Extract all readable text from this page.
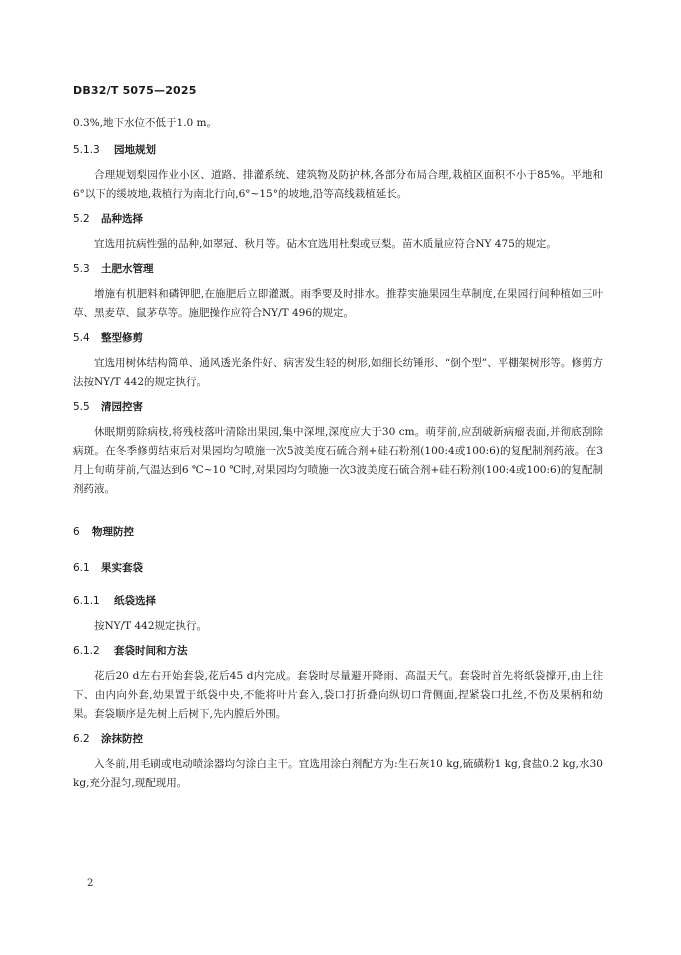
DB32/T 5075—2025

0.3%,地下水位不低于1.0 m。

5.1.3 园地规划

合理规划梨园作业小区、道路、排灌系统、建筑物及防护林,各部分布局合理,栽植区面积不小于85%。平地和6°以下的缓坡地,栽植行为南北行向,6°~15°的坡地,沿等高线栽植延长。

5.2 品种选择

宜选用抗病性强的品种,如翠冠、秋月等。砧木宜选用杜梨或豆梨。苗木质量应符合NY 475的规定。

5.3 土肥水管理

增施有机肥料和磷钾肥,在施肥后立即灌溉。雨季要及时排水。推荐实施果园生草制度,在果园行间种植如三叶草、黑麦草、鼠茅草等。施肥操作应符合NY/T 496的规定。

5.4 整型修剪

宜选用树体结构简单、通风透光条件好、病害发生轻的树形,如细长纺锤形、“倒个型”、平棚架树形等。修剪方法按NY/T 442的规定执行。

5.5 清园控害

休眠期剪除病枝,将残枝落叶清除出果园,集中深埋,深度应大于30 cm。萌芽前,应刮破新病瘤表面,并彻底刮除病斑。在冬季修剪结束后对果园均匀喷施一次5波美度石硫合剂+硅石粉剂(100:4或100:6)的复配制剂药液。在3月上旬萌芽前,气温达到6 ℃~10 ℃时,对果园均匀喷施一次3波美度石硫合剂+硅石粉剂(100:4或100:6)的复配制剂药液。

6 物理防控

6.1 果实套袋

6.1.1 纸袋选择

按NY/T 442规定执行。

6.1.2 套袋时间和方法

花后20 d左右开始套袋,花后45 d内完成。套袋时尽量避开降雨、高温天气。套袋时首先将纸袋撑开,由上往下、由内向外套,幼果置于纸袋中央,不能将叶片套入,袋口打折叠向纵切口背侧面,捏紧袋口扎丝,不伤及果柄和幼果。套袋顺序是先树上后树下,先内膛后外围。

6.2 涂抹防控

入冬前,用毛刷或电动喷涂器均匀涂白主干。宜选用涂白剂配方为:生石灰10 kg,硫磺粉1 kg,食盐0.2 kg,水30 kg,充分混匀,现配现用。

2
